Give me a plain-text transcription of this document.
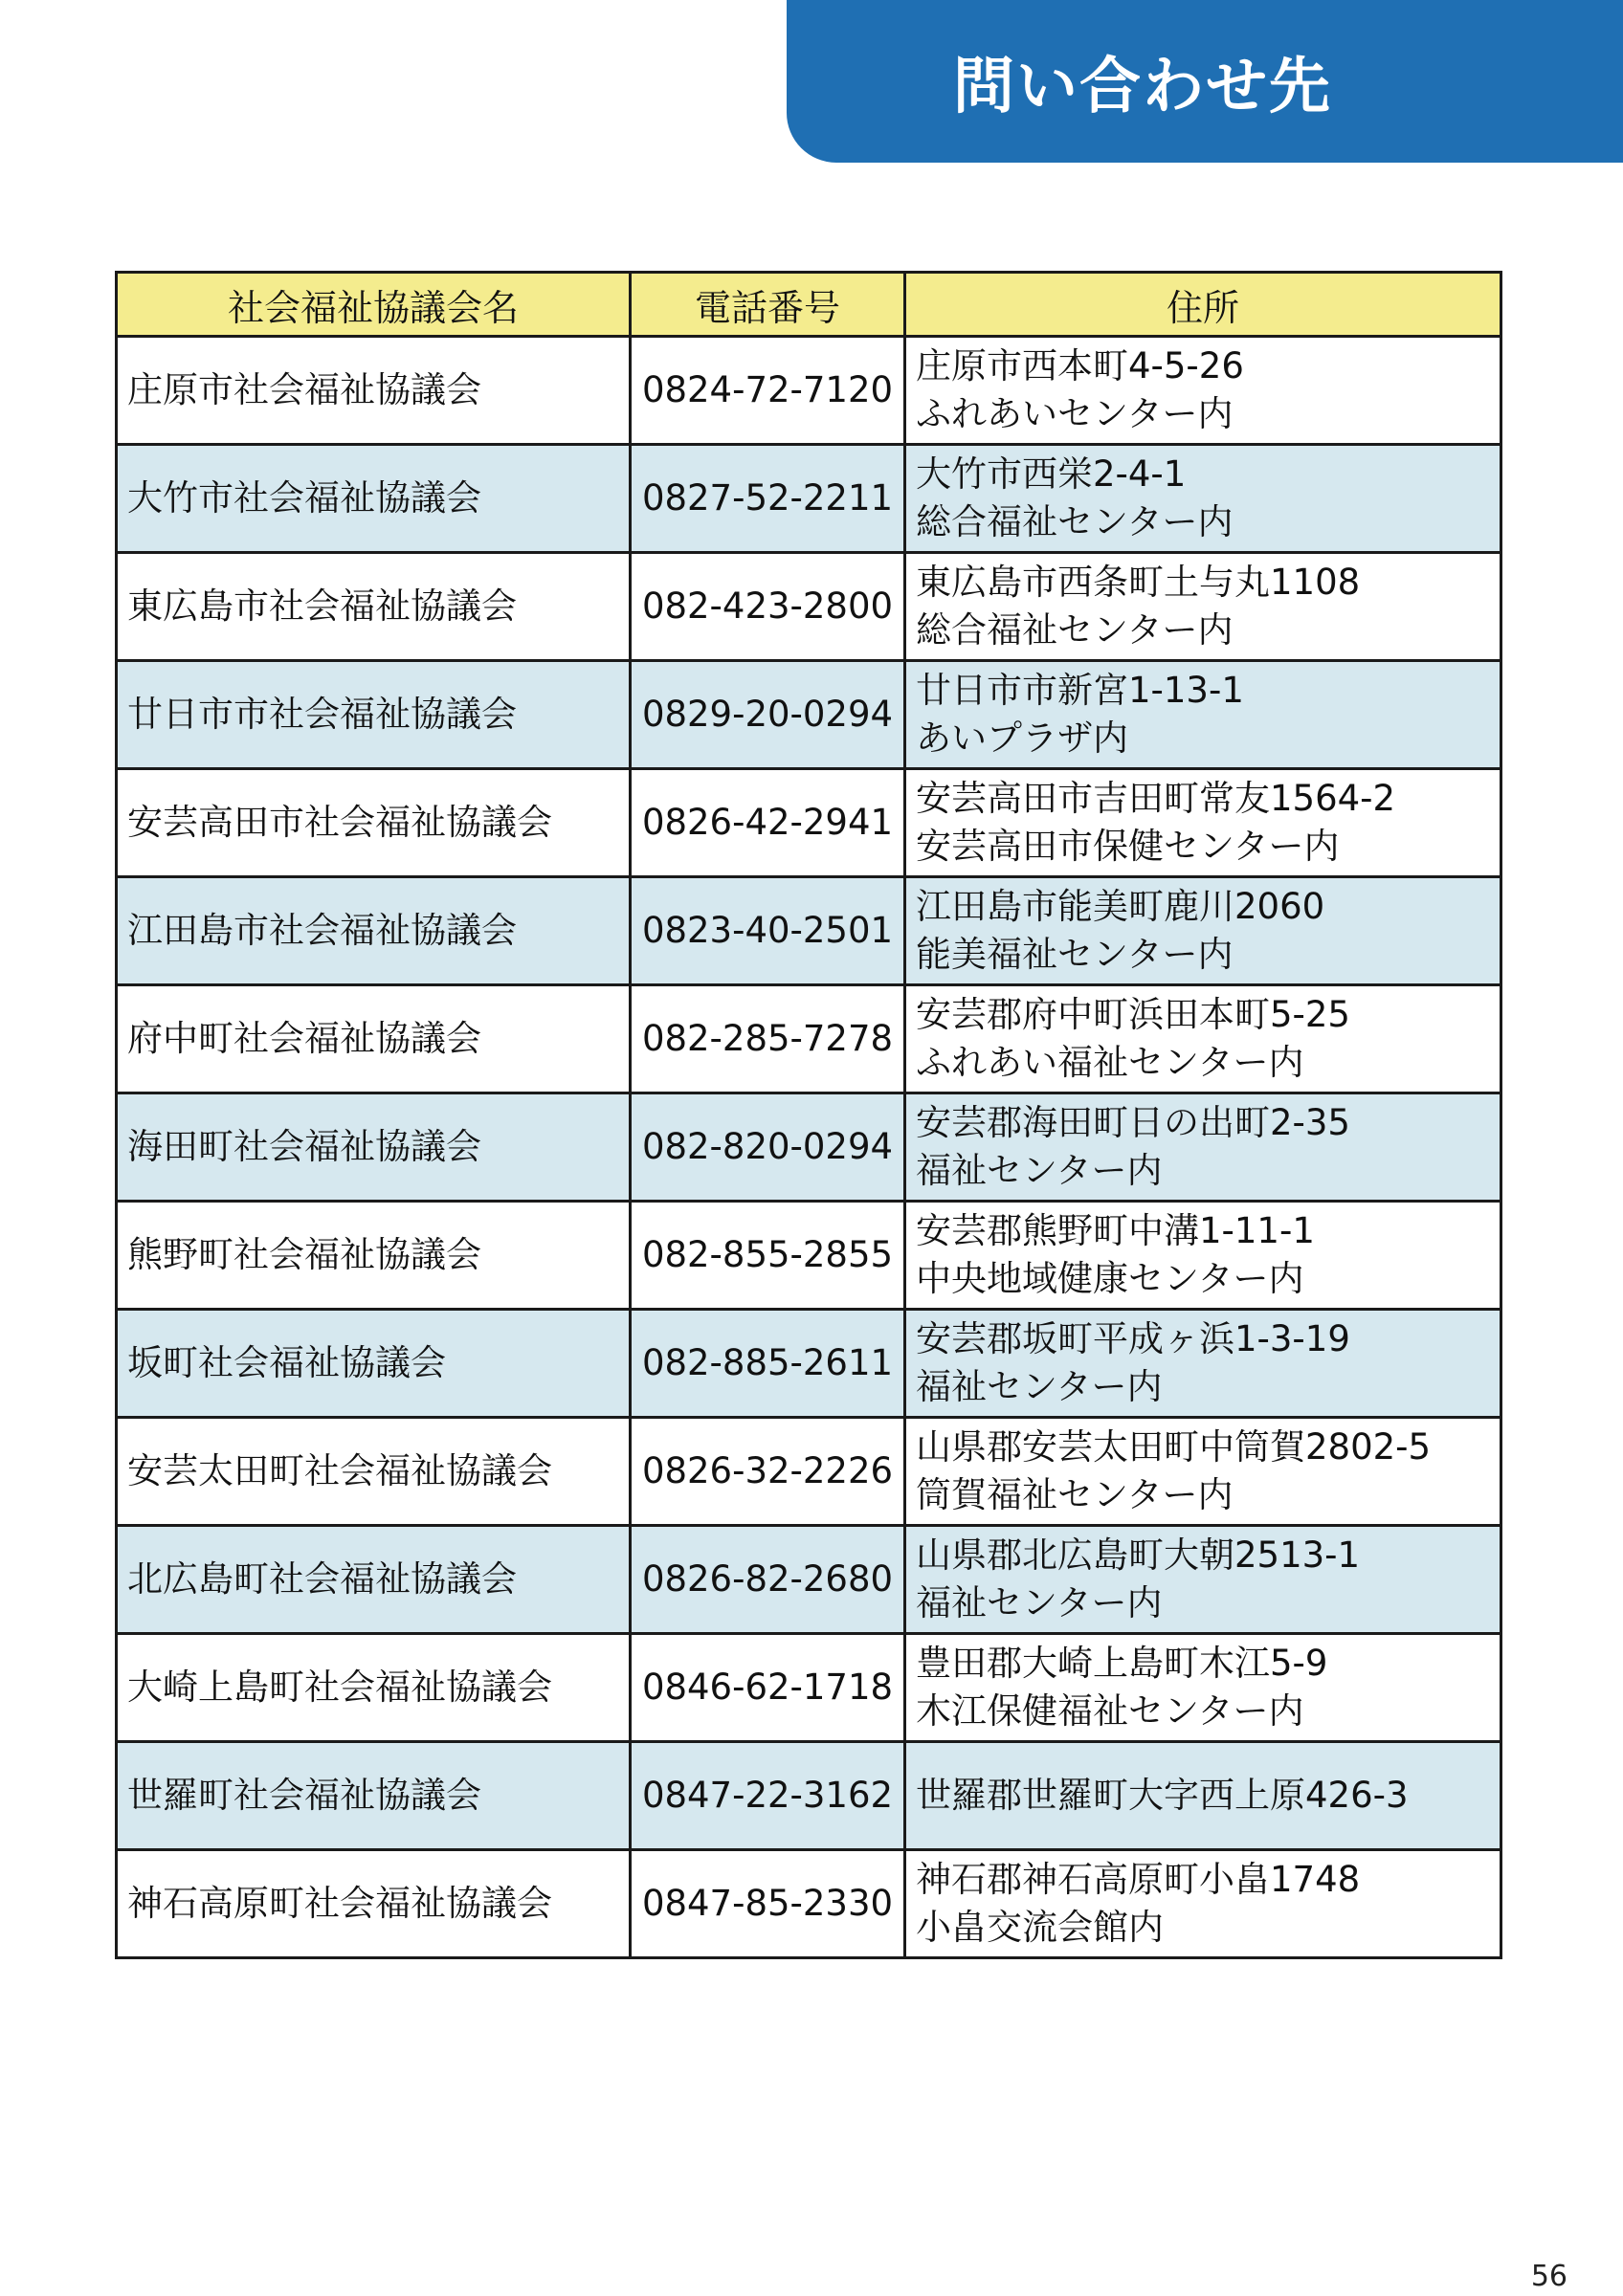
問い合わせ先
社会福祉協議会名	電話番号	住所
庄原市社会福祉協議会	0824-72-7120	庄原市西本町4-5-26
ふれあいセンター内

大竹市社会福祉協議会	0827-52-2211	大竹市西栄2-4-1
総合福祉センター内

東広島市社会福祉協議会	082-423-2800	東広島市西条町土与丸1108
総合福祉センター内

廿日市市社会福祉協議会	0829-20-0294	廿日市市新宮1-13-1
あいプラザ内

安芸高田市社会福祉協議会	0826-42-2941	安芸高田市吉田町常友1564-2
安芸高田市保健センター内

江田島市社会福祉協議会	0823-40-2501	江田島市能美町鹿川2060
能美福祉センター内

府中町社会福祉協議会	082-285-7278	安芸郡府中町浜田本町5-25
ふれあい福祉センター内

海田町社会福祉協議会	082-820-0294	安芸郡海田町日の出町2-35
福祉センター内

熊野町社会福祉協議会	082-855-2855	安芸郡熊野町中溝1-11-1
中央地域健康センター内

坂町社会福祉協議会	082-885-2611	安芸郡坂町平成ヶ浜1-3-19
福祉センター内

安芸太田町社会福祉協議会	0826-32-2226	山県郡安芸太田町中筒賀2802-5
筒賀福祉センター内

北広島町社会福祉協議会	0826-82-2680	山県郡北広島町大朝2513-1
福祉センター内

大崎上島町社会福祉協議会	0846-62-1718	豊田郡大崎上島町木江5-9
木江保健福祉センター内

世羅町社会福祉協議会	0847-22-3162	世羅郡世羅町大字西上原426-3

神石高原町社会福祉協議会	0847-85-2330	神石郡神石高原町小畠1748
小畠交流会館内
56
